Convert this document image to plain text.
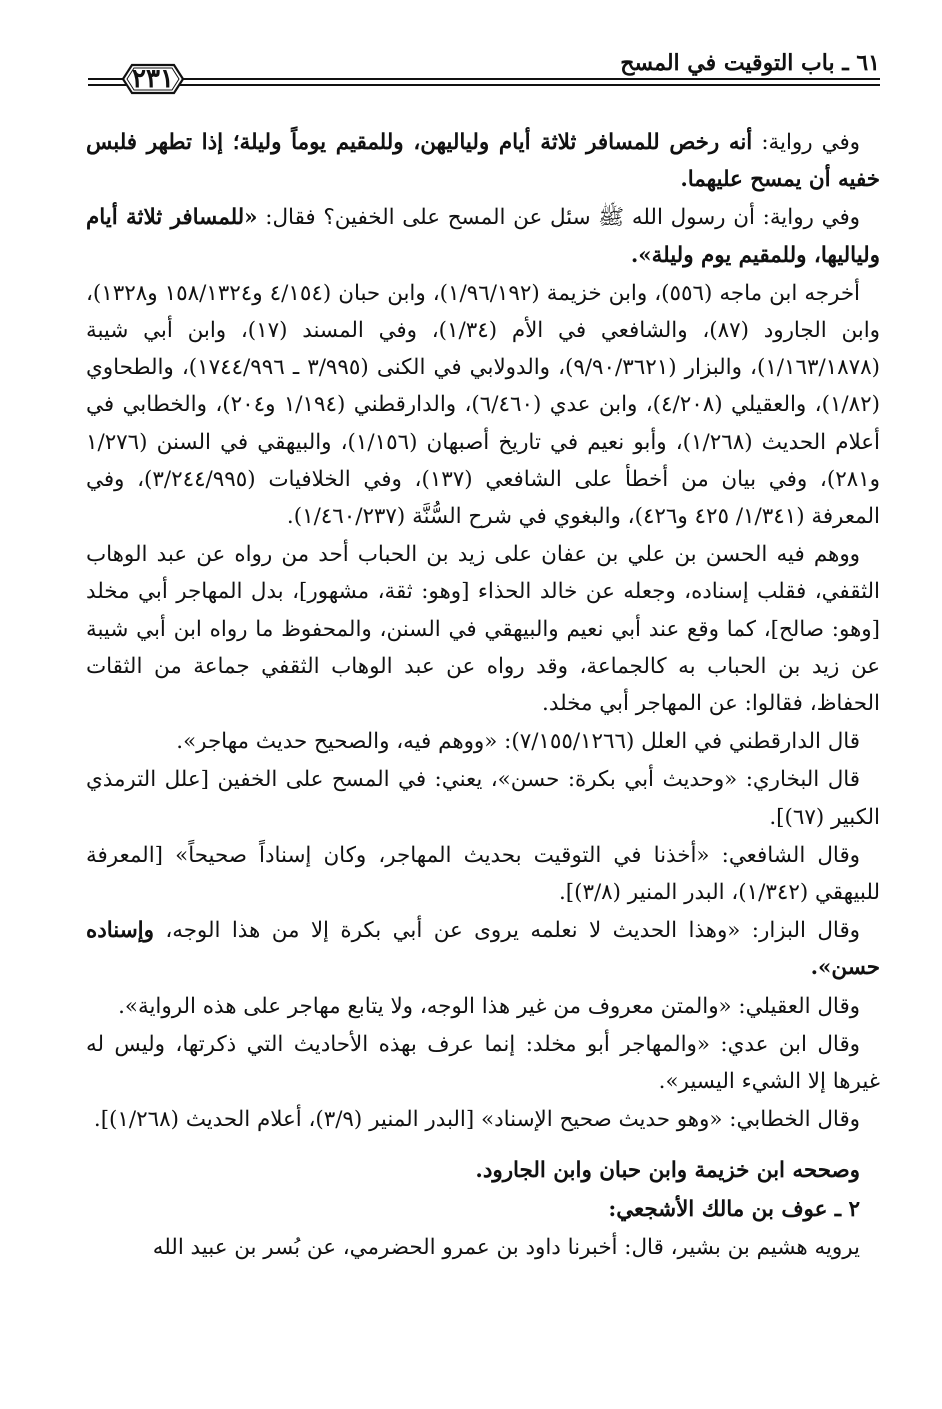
٦١ ـ باب التوقيت في المسح
٢٣١

وفي رواية: أنه رخص للمسافر ثلاثة أيام ولياليهن، وللمقيم يوماً وليلة؛ إذا تطهر فلبس خفيه أن يمسح عليهما.

وفي رواية: أن رسول الله ﷺ سئل عن المسح على الخفين؟ فقال: «للمسافر ثلاثة أيام ولياليها، وللمقيم يوم وليلة».

أخرجه ابن ماجه (٥٥٦)، وابن خزيمة (١/٩٦/١٩٢)، وابن حبان (٤/١٥٤ و١٥٨/١٣٢٤ و١٣٢٨)، وابن الجارود (٨٧)، والشافعي في الأم (١/٣٤)، وفي المسند (١٧)، وابن أبي شيبة (١/١٦٣/١٨٧٨)، والبزار (٩/٩٠/٣٦٢١)، والدولابي في الكنى (٣/٩٩٥ ـ ١٧٤٤/٩٩٦)، والطحاوي (١/٨٢)، والعقيلي (٤/٢٠٨)، وابن عدي (٦/٤٦٠)، والدارقطني (١/١٩٤ و٢٠٤)، والخطابي في أعلام الحديث (١/٢٦٨)، وأبو نعيم في تاريخ أصبهان (١/١٥٦)، والبيهقي في السنن (١/٢٧٦ و٢٨١)، وفي بيان من أخطأ على الشافعي (١٣٧)، وفي الخلافيات (٣/٢٤٤/٩٩٥)، وفي المعرفة (١/٣٤١/ ٤٢٥ و٤٢٦)، والبغوي في شرح السُّنَّة (١/٤٦٠/٢٣٧).

ووهم فيه الحسن بن علي بن عفان على زيد بن الحباب أحد من رواه عن عبد الوهاب الثقفي، فقلب إسناده، وجعله عن خالد الحذاء [وهو: ثقة، مشهور]، بدل المهاجر أبي مخلد [وهو: صالح]، كما وقع عند أبي نعيم والبيهقي في السنن، والمحفوظ ما رواه ابن أبي شيبة عن زيد بن الحباب به كالجماعة، وقد رواه عن عبد الوهاب الثقفي جماعة من الثقات الحفاظ، فقالوا: عن المهاجر أبي مخلد.

قال الدارقطني في العلل (٧/١٥٥/١٢٦٦): «ووهم فيه، والصحيح حديث مهاجر».

قال البخاري: «وحديث أبي بكرة: حسن»، يعني: في المسح على الخفين [علل الترمذي الكبير (٦٧)].

وقال الشافعي: «أخذنا في التوقيت بحديث المهاجر، وكان إسناداً صحيحاً» [المعرفة للبيهقي (١/٣٤٢)، البدر المنير (٣/٨)].

وقال البزار: «وهذا الحديث لا نعلمه يروى عن أبي بكرة إلا من هذا الوجه، وإسناده حسن».

وقال العقيلي: «والمتن معروف من غير هذا الوجه، ولا يتابع مهاجر على هذه الرواية».

وقال ابن عدي: «والمهاجر أبو مخلد: إنما عرف بهذه الأحاديث التي ذكرتها، وليس له غيرها إلا الشيء اليسير».

وقال الخطابي: «وهو حديث صحيح الإسناد» [البدر المنير (٣/٩)، أعلام الحديث (١/٢٦٨)].

وصححه ابن خزيمة وابن حبان وابن الجارود.

٢ ـ عوف بن مالك الأشجعي:

يرويه هشيم بن بشير، قال: أخبرنا داود بن عمرو الحضرمي، عن بُسر بن عبيد الله
